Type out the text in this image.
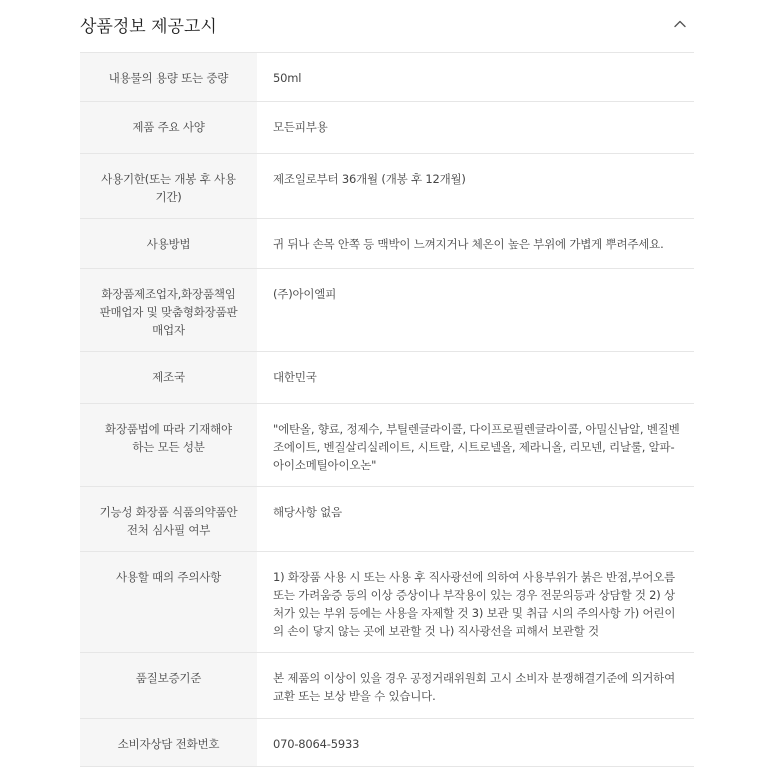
상품정보 제공고시
내용물의 용량 또는 중량	50ml
제품 주요 사양	모든피부용
사용기한(또는 개봉 후 사용기간)	제조일로부터 36개월 (개봉 후 12개월)
사용방법	귀 뒤나 손목 안쪽 등 맥박이 느껴지거나 체온이 높은 부위에 가볍게 뿌려주세요.
화장품제조업자,화장품책임판매업자 및 맞춤형화장품판매업자	(주)아이엘피
제조국	대한민국
화장품법에 따라 기재해야 하는 모든 성분	"에탄올, 향료, 정제수, 부틸렌글라이콜, 다이프로필렌글라이콜, 아밀신남알, 벤질벤조에이트, 벤질살리실레이트, 시트랄, 시트로넬올, 제라니올, 리모넨, 리날룰, 알파-아이소메틸아이오논"
기능성 화장품 식품의약품안전처 심사필 여부	해당사항 없음
사용할 때의 주의사항	1) 화장품 사용 시 또는 사용 후 직사광선에 의하여 사용부위가 붉은 반점,부어오름 또는 가려움증 등의 이상 증상이나 부작용이 있는 경우 전문의등과 상담할 것 2) 상처가 있는 부위 등에는 사용을 자제할 것 3) 보관 및 취급 시의 주의사항 가) 어린이의 손이 닿지 않는 곳에 보관할 것 나) 직사광선을 피해서 보관할 것
품질보증기준	본 제품의 이상이 있을 경우 공정거래위원회 고시 소비자 분쟁해결기준에 의거하여 교환 또는 보상 받을 수 있습니다.
소비자상담 전화번호	070-8064-5933
